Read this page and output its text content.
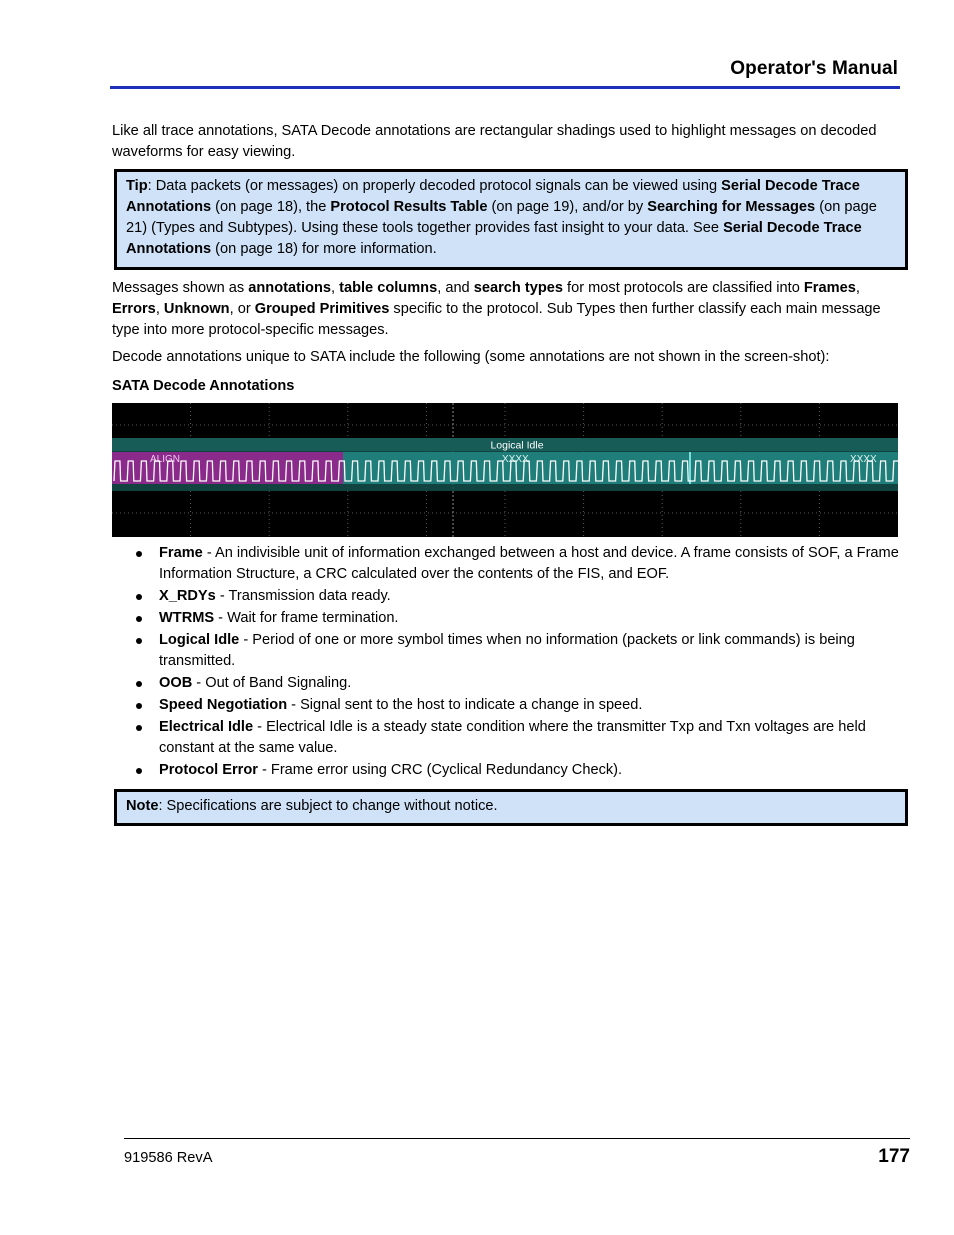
Operator's Manual

Like all trace annotations, SATA Decode annotations are rectangular shadings used to highlight messages on decoded waveforms for easy viewing.

Tip: Data packets (or messages) on properly decoded protocol signals can be viewed using Serial Decode Trace Annotations (on page 18), the Protocol Results Table (on page 19), and/or by Searching for Messages (on page 21) (Types and Subtypes). Using these tools together provides fast insight to your data. See Serial Decode Trace Annotations (on page 18) for more information.

Messages shown as annotations, table columns, and search types for most protocols are classified into Frames, Errors, Unknown, or Grouped Primitives specific to the protocol. Sub Types then further classify each main message type into more protocol-specific messages.

Decode annotations unique to SATA include the following (some annotations are not shown in the screen-shot):

SATA Decode Annotations
Logical Idle
ALIGN	XXXX	XXXX
Frame - An indivisible unit of information exchanged between a host and device. A frame consists of SOF, a Frame Information Structure, a CRC calculated over the contents of the FIS, and EOF.
X_RDYs - Transmission data ready.
WTRMS - Wait for frame termination.
Logical Idle - Period of one or more symbol times when no information (packets or link commands) is being transmitted.
OOB - Out of Band Signaling.
Speed Negotiation - Signal sent to the host to indicate a change in speed.
Electrical Idle - Electrical Idle is a steady state condition where the transmitter Txp and Txn voltages are held constant at the same value.
Protocol Error - Frame error using CRC (Cyclical Redundancy Check).
Note: Specifications are subject to change without notice.
919586 RevA	177
